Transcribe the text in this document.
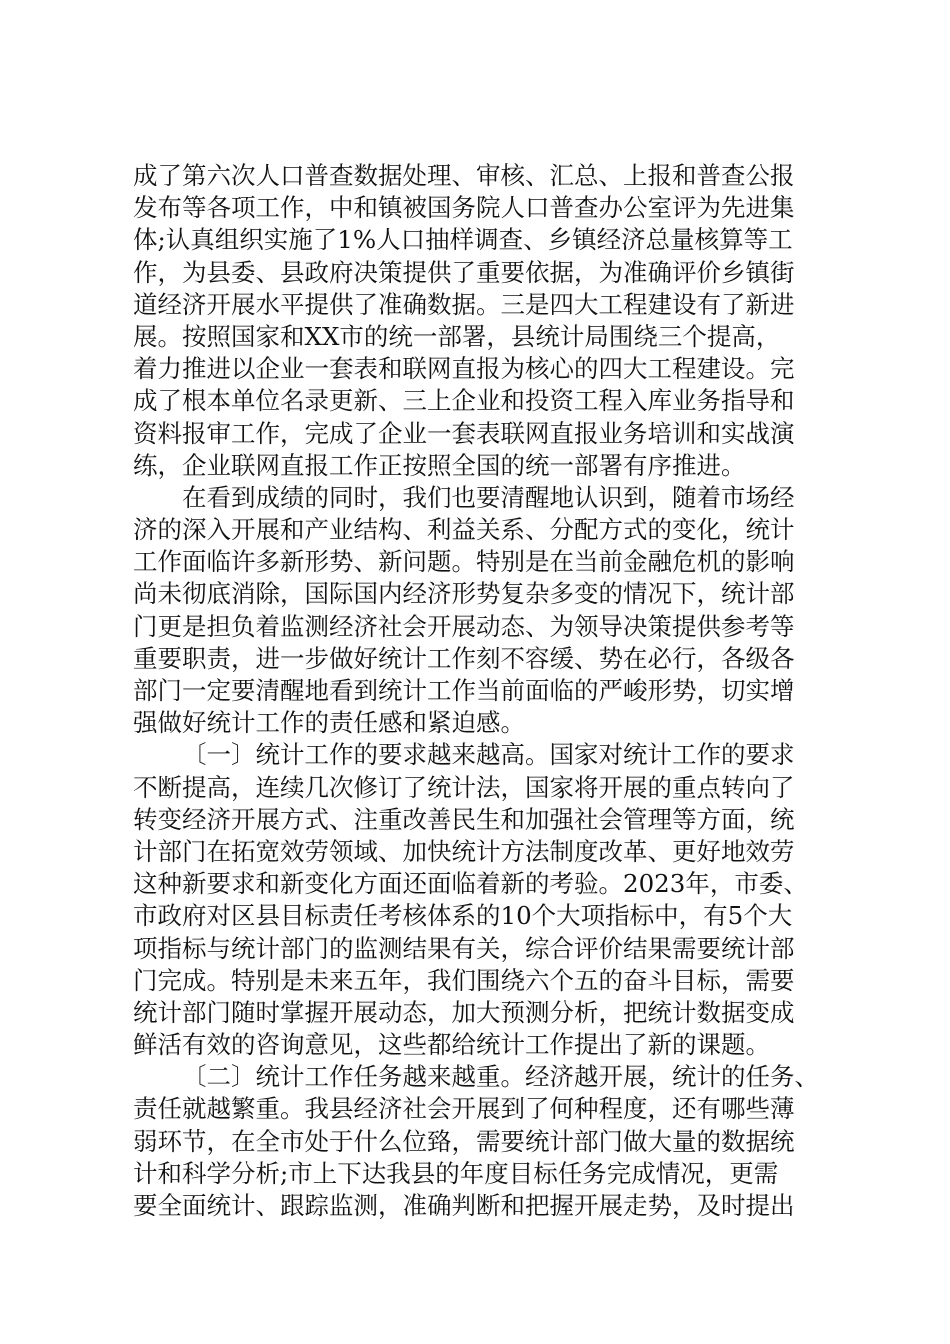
成了第六次人口普查数据处理、审核、汇总、上报和普查公报
发布等各项工作，中和镇被国务院人口普查办公室评为先进集
体;认真组织实施了1%人口抽样调查、乡镇经济总量核算等工
作，为县委、县政府决策提供了重要依据，为准确评价乡镇街
道经济开展水平提供了准确数据。三是四大工程建设有了新进
展。按照国家和XX市的统一部署，县统计局围绕三个提高，
着力推进以企业一套表和联网直报为核心的四大工程建设。完
成了根本单位名录更新、三上企业和投资工程入库业务指导和
资料报审工作，完成了企业一套表联网直报业务培训和实战演
练，企业联网直报工作正按照全国的统一部署有序推进。
在看到成绩的同时，我们也要清醒地认识到，随着市场经
济的深入开展和产业结构、利益关系、分配方式的变化，统计
工作面临许多新形势、新问题。特别是在当前金融危机的影响
尚未彻底消除，国际国内经济形势复杂多变的情况下，统计部
门更是担负着监测经济社会开展动态、为领导决策提供参考等
重要职责，进一步做好统计工作刻不容缓、势在必行，各级各
部门一定要清醒地看到统计工作当前面临的严峻形势，切实增
强做好统计工作的责任感和紧迫感。
〔一〕统计工作的要求越来越高。国家对统计工作的要求
不断提高，连续几次修订了统计法，国家将开展的重点转向了
转变经济开展方式、注重改善民生和加强社会管理等方面，统
计部门在拓宽效劳领域、加快统计方法制度改革、更好地效劳
这种新要求和新变化方面还面临着新的考验。2023年，市委、
市政府对区县目标责任考核体系的10个大项指标中，有5个大
项指标与统计部门的监测结果有关，综合评价结果需要统计部
门完成。特别是未来五年，我们围绕六个五的奋斗目标，需要
统计部门随时掌握开展动态，加大预测分析，把统计数据变成
鲜活有效的咨询意见，这些都给统计工作提出了新的课题。
〔二〕统计工作任务越来越重。经济越开展，统计的任务、
责任就越繁重。我县经济社会开展到了何种程度，还有哪些薄
弱环节，在全市处于什么位臵，需要统计部门做大量的数据统
计和科学分析;市上下达我县的年度目标任务完成情况，更需
要全面统计、跟踪监测，准确判断和把握开展走势，及时提出
